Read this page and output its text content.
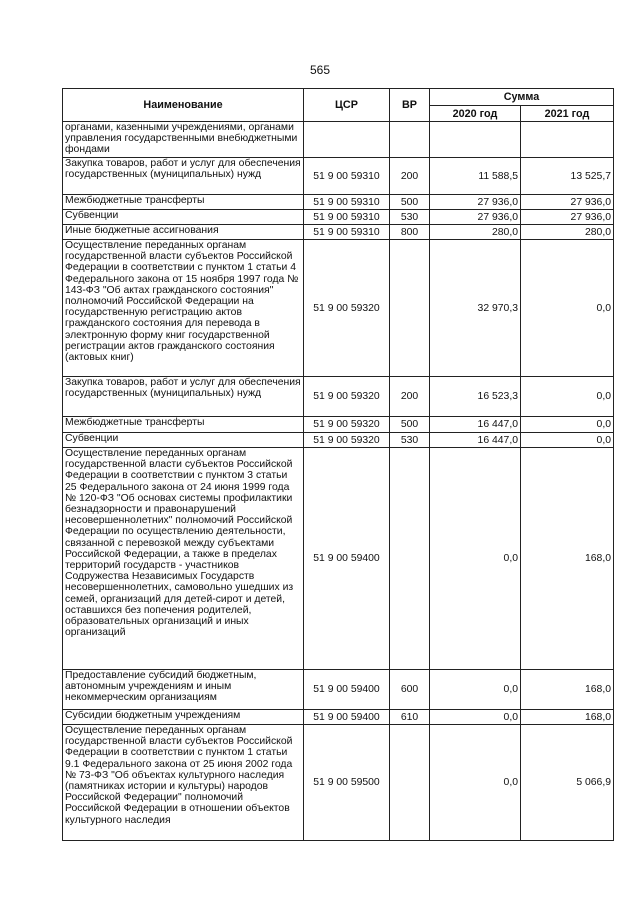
565
Наименование	ЦСР	ВР	Сумма	
			2020 год	2021 год
органами, казенными учреждениями, органами управления государственными внебюджетными фондами				
Закупка товаров, работ и услуг для обеспечения государственных (муниципальных) нужд	51 9 00 59310	200	11 588,5	13 525,7
Межбюджетные трансферты	51 9 00 59310	500	27 936,0	27 936,0
Субвенции	51 9 00 59310	530	27 936,0	27 936,0
Иные бюджетные ассигнования	51 9 00 59310	800	280,0	280,0
Осуществление переданных органам государственной власти субъектов Российской Федерации в соответствии с пунктом 1 статьи 4 Федерального закона от 15 ноября 1997 года № 143-ФЗ "Об актах гражданского состояния" полномочий Российской Федерации на государственную регистрацию актов гражданского состояния для перевода в электронную форму книг государственной регистрации актов гражданского состояния (актовых книг)	51 9 00 59320		32 970,3	0,0
Закупка товаров, работ и услуг для обеспечения государственных (муниципальных) нужд	51 9 00 59320	200	16 523,3	0,0
Межбюджетные трансферты	51 9 00 59320	500	16 447,0	0,0
Субвенции	51 9 00 59320	530	16 447,0	0,0
Осуществление переданных органам государственной власти субъектов Российской Федерации в соответствии с пунктом 3 статьи 25 Федерального закона от 24 июня 1999 года № 120-ФЗ "Об основах системы профилактики безнадзорности и правонарушений несовершеннолетних" полномочий Российской Федерации по осуществлению деятельности, связанной с перевозкой между субъектами Российской Федерации, а также в пределах территорий государств - участников Содружества Независимых Государств несовершеннолетних, самовольно ушедших из семей, организаций для детей-сирот и детей, оставшихся без попечения родителей, образовательных организаций и иных организаций	51 9 00 59400		0,0	168,0
Предоставление субсидий бюджетным, автономным учреждениям и иным некоммерческим организациям	51 9 00 59400	600	0,0	168,0
Субсидии бюджетным учреждениям	51 9 00 59400	610	0,0	168,0
Осуществление переданных органам государственной власти субъектов Российской Федерации в соответствии с пунктом 1 статьи 9.1 Федерального закона от 25 июня 2002 года № 73-ФЗ "Об объектах культурного наследия (памятниках истории и культуры) народов Российской Федерации" полномочий Российской Федерации в отношении объектов культурного наследия	51 9 00 59500		0,0	5 066,9
